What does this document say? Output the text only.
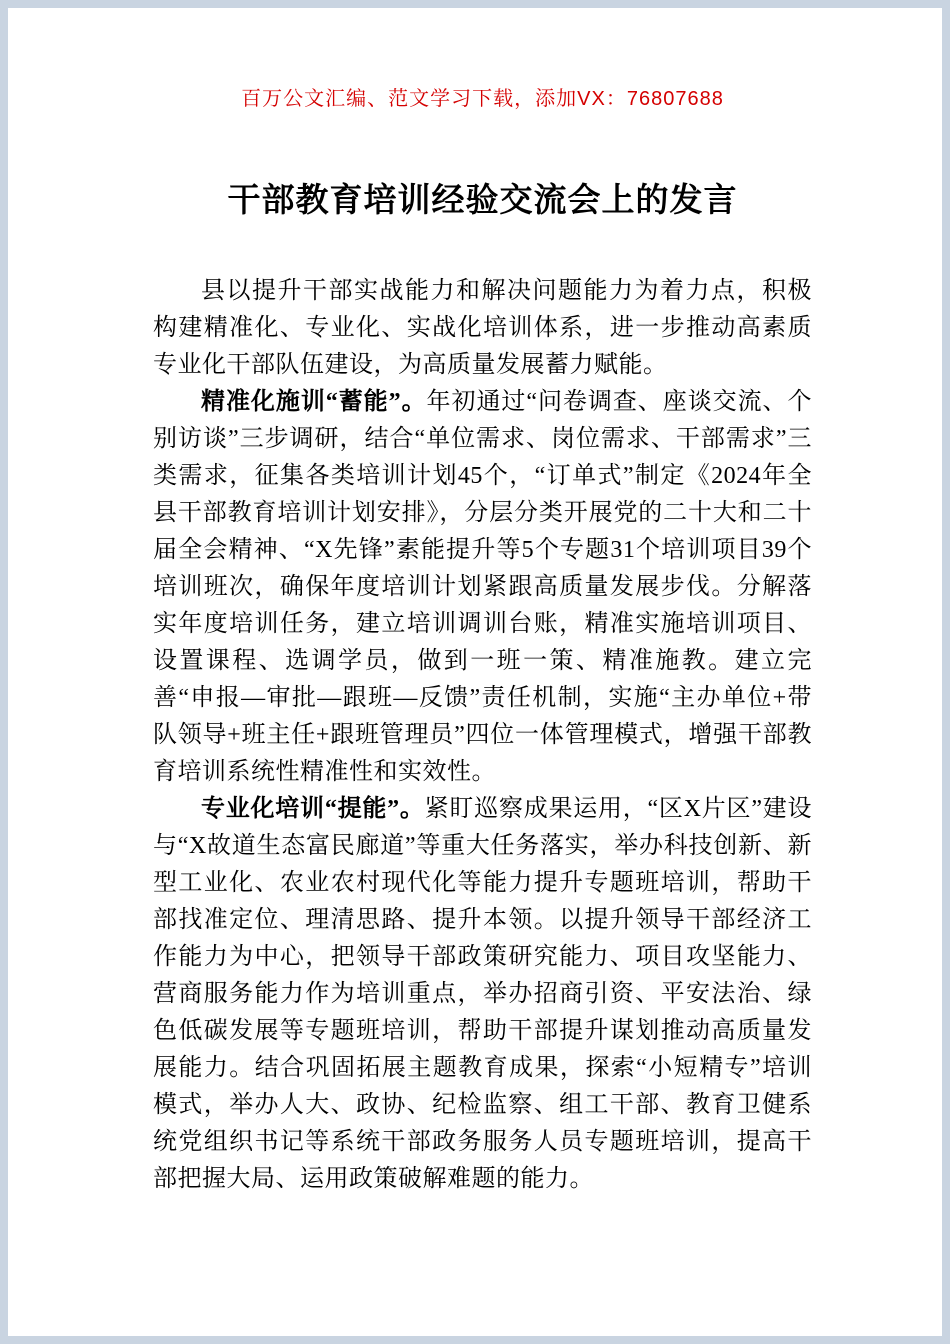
百万公文汇编、范文学习下载，添加VX：76807688
干部教育培训经验交流会上的发言

县以提升干部实战能力和解决问题能力为着力点，积极构建精准化、专业化、实战化培训体系，进一步推动高素质专业化干部队伍建设，为高质量发展蓄力赋能。

精准化施训“蓄能”。年初通过“问卷调查、座谈交流、个别访谈”三步调研，结合“单位需求、岗位需求、干部需求”三类需求，征集各类培训计划45个，“订单式”制定《2024年全县干部教育培训计划安排》，分层分类开展党的二十大和二十届全会精神、“X先锋”素能提升等5个专题31个培训项目39个培训班次，确保年度培训计划紧跟高质量发展步伐。分解落实年度培训任务，建立培训调训台账，精准实施培训项目、设置课程、选调学员，做到一班一策、精准施教。建立完善“申报—审批—跟班—反馈”责任机制，实施“主办单位+带队领导+班主任+跟班管理员”四位一体管理模式，增强干部教育培训系统性精准性和实效性。

专业化培训“提能”。紧盯巡察成果运用，“区X片区”建设与“X故道生态富民廊道”等重大任务落实，举办科技创新、新型工业化、农业农村现代化等能力提升专题班培训，帮助干部找准定位、理清思路、提升本领。以提升领导干部经济工作能力为中心，把领导干部政策研究能力、项目攻坚能力、营商服务能力作为培训重点，举办招商引资、平安法治、绿色低碳发展等专题班培训，帮助干部提升谋划推动高质量发展能力。结合巩固拓展主题教育成果，探索“小短精专”培训模式，举办人大、政协、纪检监察、组工干部、教育卫健系统党组织书记等系统干部政务服务人员专题班培训，提高干部把握大局、运用政策破解难题的能力。
